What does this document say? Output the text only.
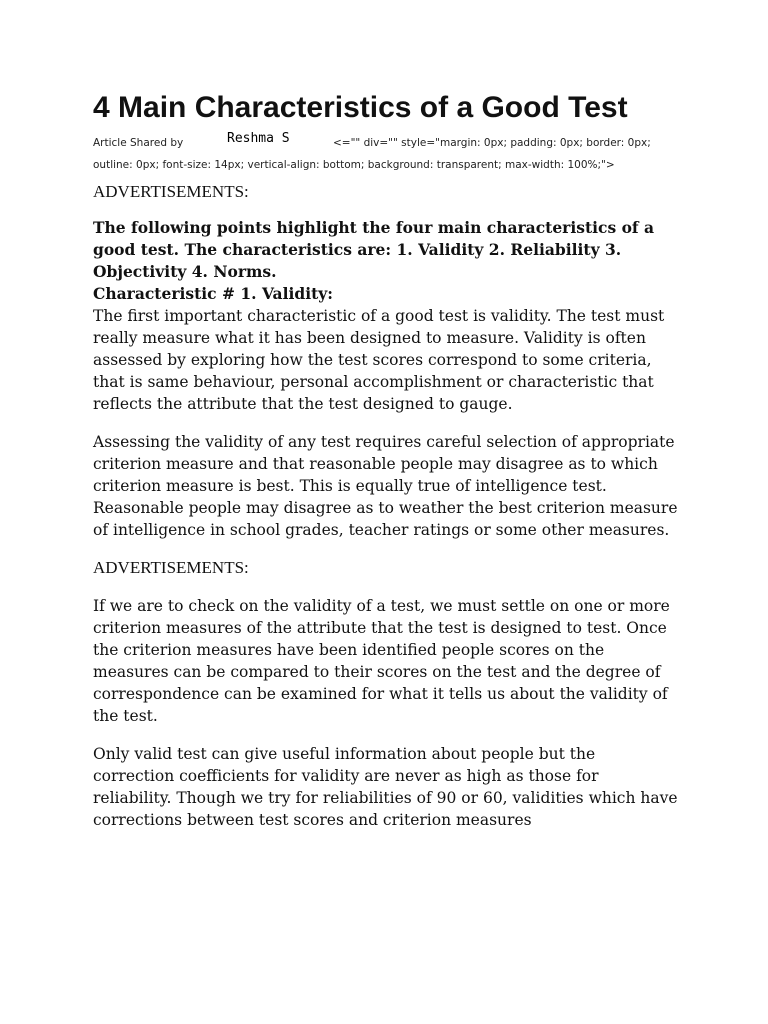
4 Main Characteristics of a Good Test
Article Shared by	Reshma S	<="" div="" style="margin: 0px; padding: 0px; border: 0px;
outline: 0px; font-size: 14px; vertical-align: bottom; background: transparent; max-width: 100%;">

ADVERTISEMENTS:

The following points highlight the four main characteristics of a good test. The characteristics are: 1. Validity 2. Reliability 3. Objectivity 4. Norms.

Characteristic # 1. Validity:

The first important characteristic of a good test is validity. The test must really measure what it has been designed to measure. Validity is often assessed by exploring how the test scores correspond to some criteria, that is same behaviour, personal accomplishment or characteristic that reflects the attribute that the test designed to gauge.

Assessing the validity of any test requires careful selection of appropriate criterion measure and that reasonable people may disagree as to which criterion measure is best. This is equally true of intelligence test. Reasonable people may disagree as to weather the best criterion measure of intelligence in school grades, teacher ratings or some other measures.

ADVERTISEMENTS:

If we are to check on the validity of a test, we must settle on one or more criterion measures of the attribute that the test is designed to test. Once the criterion measures have been identified people scores on the measures can be compared to their scores on the test and the degree of correspondence can be examined for what it tells us about the validity of the test.

Only valid test can give useful information about people but the correction coefficients for validity are never as high as those for reliability. Though we try for reliabilities of 90 or 60, validities which have corrections between test scores and criterion measures
